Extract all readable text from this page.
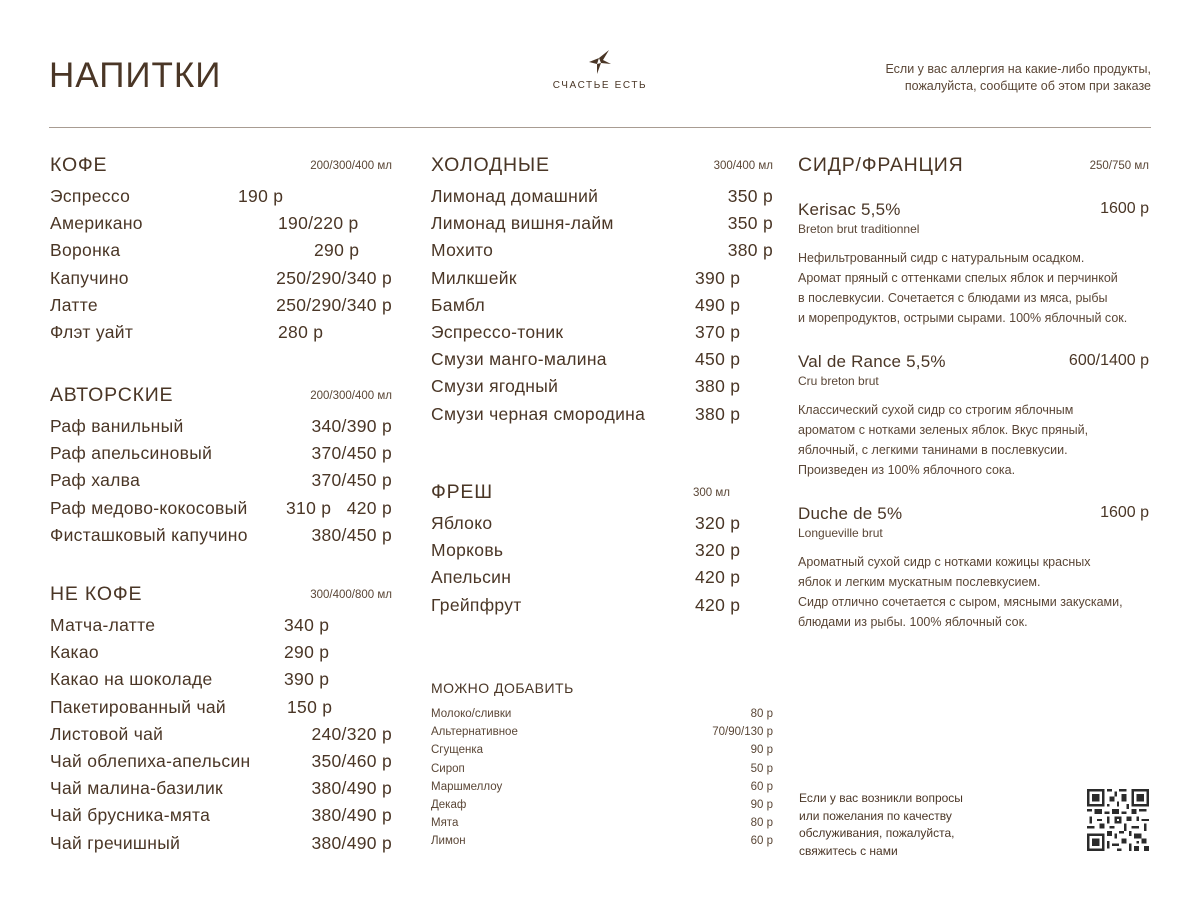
НАПИТКИ	СЧАСТЬЕ ЕСТЬ
Если у вас аллергия на какие-либо продукты,
пожалуйста, сообщите об этом при заказе
КОФЕ	200/300/400 мл
Эспрессо	190 р
Американо	190/220 р
Воронка	290 р
Капучино	250/290/340 р
Латте	250/290/340 р
Флэт уайт	280 р
АВТОРСКИЕ	200/300/400 мл
Раф ванильный	340/390 р
Раф апельсиновый	370/450 р
Раф халва	370/450 р
Раф медово-кокосовый 310 р 420 р
Фисташковый капучино	380/450 р
НЕ КОФЕ	300/400/800 мл
Матча-латте	340 р
Какао	290 р
Какао на шоколаде	390 р
Пакетированный чай	150 р
Листовой чай	240/320 р
Чай облепиха-апельсин	350/460 р
Чай малина-базилик	380/490 р
Чай брусника-мята	380/490 р
Чай гречишный	380/490 р
ХОЛОДНЫЕ	300/400 мл
Лимонад домашний	350 р
Лимонад вишня-лайм	350 р
Мохито	380 р
Милкшейк	390 р
Бамбл	490 р
Эспрессо-тоник	370 р
Смузи манго-малина	450 р
Смузи ягодный	380 р
Смузи черная смородина	380 р
ФРЕШ	300 мл
Яблоко	320 р
Морковь	320 р
Апельсин	420 р
Грейпфрут	420 р
МОЖНО ДОБАВИТЬ
Молоко/сливки	80 р
Альтернативное	70/90/130 р
Сгущенка	90 р
Сироп	50 р
Маршмеллоу	60 р
Декаф	90 р
Мята	80 р
Лимон	60 р
СИДР/ФРАНЦИЯ	250/750 мл
Kerisac 5,5%	1600 р
Breton brut traditionnel
Нефильтрованный сидр с натуральным осадком.
Аромат пряный с оттенками спелых яблок и перчинкой
в послевкусии. Сочетается с блюдами из мяса, рыбы
и морепродуктов, острыми сырами. 100% яблочный сок.
Val de Rance 5,5%	600/1400 р
Cru breton brut
Классический сухой сидр со строгим яблочным
ароматом с нотками зеленых яблок. Вкус пряный,
яблочный, с легкими танинами в послевкусии.
Произведен из 100% яблочного сока.
Duche de 5%	1600 р
Longueville brut
Ароматный сухой сидр с нотками кожицы красных
яблок и легким мускатным послевкусием.
Сидр отлично сочетается с сыром, мясными закусками,
блюдами из рыбы. 100% яблочный сок.
Если у вас возникли вопросы
или пожелания по качеству
обслуживания, пожалуйста,
свяжитесь с нами
